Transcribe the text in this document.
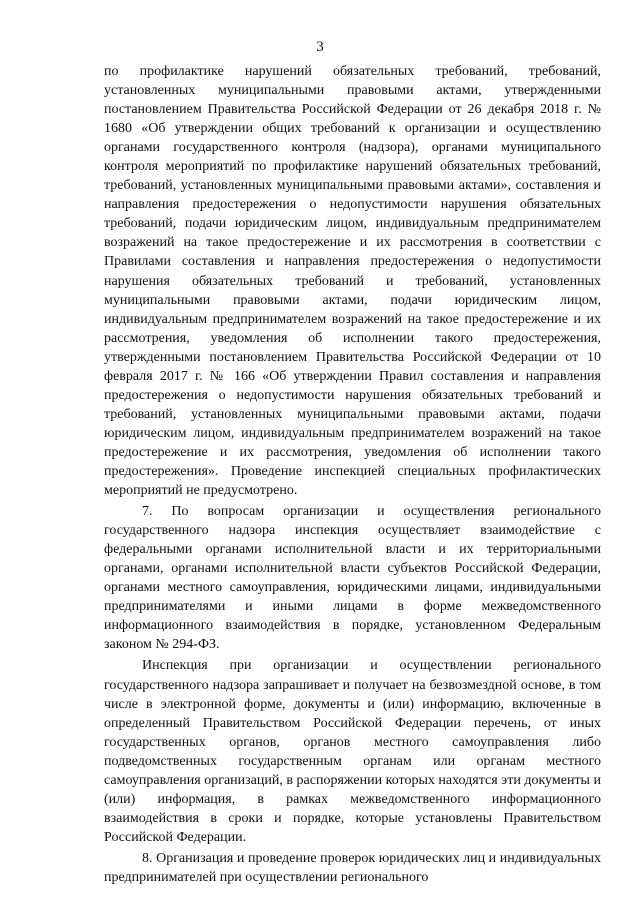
3

по профилактике нарушений обязательных требований, требований, установленных муниципальными правовыми актами, утвержденными постановлением Правительства Российской Федерации от 26 декабря 2018 г. № 1680 «Об утверждении общих требований к организации и осуществлению органами государственного контроля (надзора), органами муниципального контроля мероприятий по профилактике нарушений обязательных требований, требований, установленных муниципальными правовыми актами», составления и направления предостережения о недопустимости нарушения обязательных требований, подачи юридическим лицом, индивидуальным предпринимателем возражений на такое предостережение и их рассмотрения в соответствии с Правилами составления и направления предостережения о недопустимости нарушения обязательных требований и требований, установленных муниципальными правовыми актами, подачи юридическим лицом, индивидуальным предпринимателем возражений на такое предостережение и их рассмотрения, уведомления об исполнении такого предостережения, утвержденными постановлением Правительства Российской Федерации от 10 февраля 2017 г. № 166 «Об утверждении Правил составления и направления предостережения о недопустимости нарушения обязательных требований и требований, установленных муниципальными правовыми актами, подачи юридическим лицом, индивидуальным предпринимателем возражений на такое предостережение и их рассмотрения, уведомления об исполнении такого предостережения». Проведение инспекцией специальных профилактических мероприятий не предусмотрено.

7. По вопросам организации и осуществления регионального государственного надзора инспекция осуществляет взаимодействие с федеральными органами исполнительной власти и их территориальными органами, органами исполнительной власти субъектов Российской Федерации, органами местного самоуправления, юридическими лицами, индивидуальными предпринимателями и иными лицами в форме межведомственного информационного взаимодействия в порядке, установленном Федеральным законом № 294-ФЗ.

Инспекция при организации и осуществлении регионального государственного надзора запрашивает и получает на безвозмездной основе, в том числе в электронной форме, документы и (или) информацию, включенные в определенный Правительством Российской Федерации перечень, от иных государственных органов, органов местного самоуправления либо подведомственных государственным органам или органам местного самоуправления организаций, в распоряжении которых находятся эти документы и (или) информация, в рамках межведомственного информационного взаимодействия в сроки и порядке, которые установлены Правительством Российской Федерации.

8. Организация и проведение проверок юридических лиц и индивидуальных предпринимателей при осуществлении регионального
